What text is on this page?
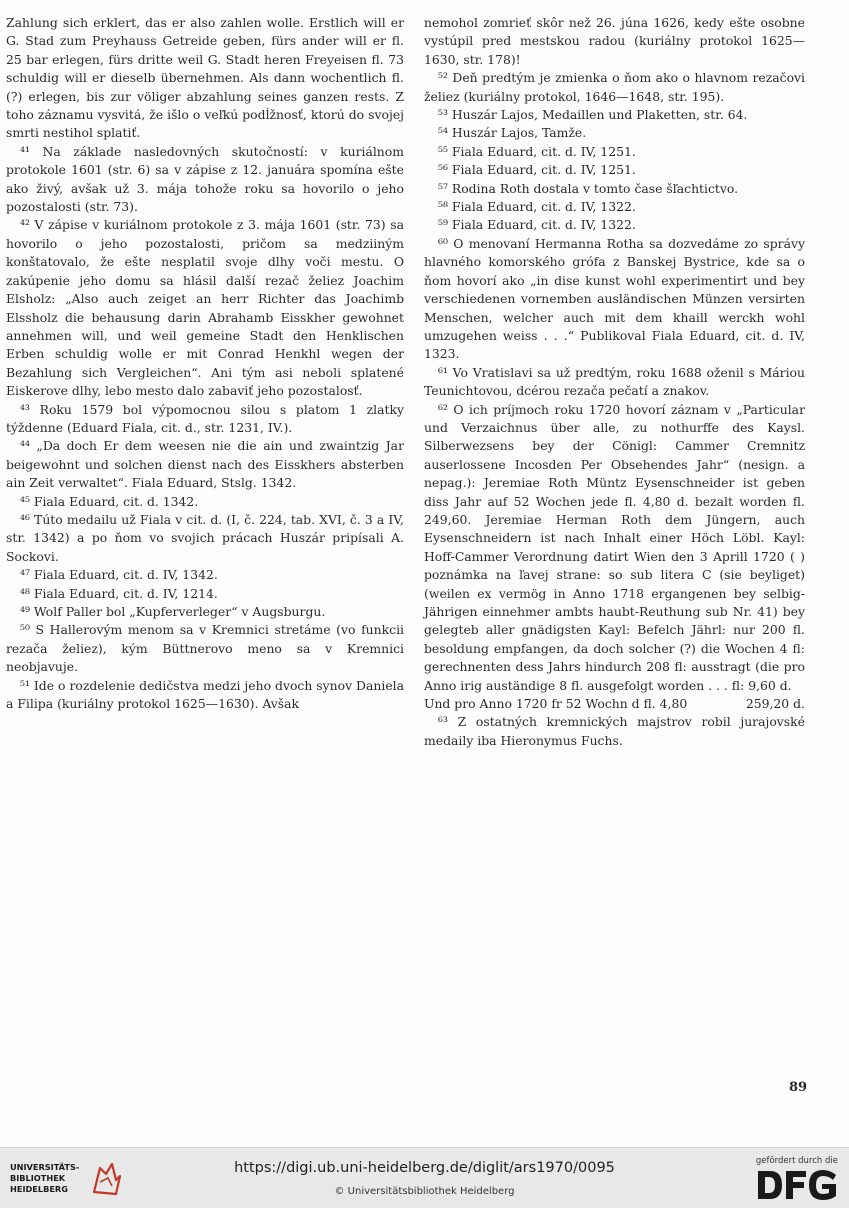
Zahlung sich erklert, das er also zahlen wolle. Erstlich will er G. Stad zum Preyhauss Getreide geben, fürs ander will er fl. 25 bar erlegen, fürs dritte weil G. Stadt heren Freyeisen fl. 73 schuldig will er dieselb übernehmen. Als dann wochentlich fl. (?) erlegen, bis zur völiger abzahlung seines ganzen rests. Z toho záznamu vysvitá, že išlo o veľkú podĺžnosť, ktorú do svojej smrti nestihol splatiť.

⁴¹ Na základe nasledovných skutočností: v kuriálnom protokole 1601 (str. 6) sa v zápise z 12. januára spomína ešte ako živý, avšak už 3. mája tohože roku sa hovorilo o jeho pozostalosti (str. 73).

⁴² V zápise v kuriálnom protokole z 3. mája 1601 (str. 73) sa hovorilo o jeho pozostalosti, pričom sa medziiným konštatovalo, že ešte nesplatil svoje dlhy voči mestu. O zakúpenie jeho domu sa hlásil další rezač želiez Joachim Elsholz: „Also auch zeiget an herr Richter das Joachimb Elssholz die behausung darin Abrahamb Eisskher gewohnet annehmen will, und weil gemeine Stadt den Henklischen Erben schuldig wolle er mit Conrad Henkhl wegen der Bezahlung sich Vergleichen“. Ani tým asi neboli splatené Eiskerove dlhy, lebo mesto dalo zabaviť jeho pozostalosť.

⁴³ Roku 1579 bol výpomocnou silou s platom 1 zlatky týždenne (Eduard Fiala, cit. d., str. 1231, IV.).

⁴⁴ „Da doch Er dem weesen nie die ain und zwaintzig Jar beigewohnt und solchen dienst nach des Eisskhers absterben ain Zeit verwaltet“. Fiala Eduard, Stslg. 1342.

⁴⁵ Fiala Eduard, cit. d. 1342.

⁴⁶ Túto medailu už Fiala v cit. d. (I, č. 224, tab. XVI, č. 3 a IV, str. 1342) a po ňom vo svojich prácach Huszár pripísali A. Sockovi.

⁴⁷ Fiala Eduard, cit. d. IV, 1342.

⁴⁸ Fiala Eduard, cit. d. IV, 1214.

⁴⁹ Wolf Paller bol „Kupferverleger“ v Augsburgu.

⁵⁰ S Hallerovým menom sa v Kremnici stretáme (vo funkcii rezača želiez), kým Büttnerovo meno sa v Kremnici neobjavuje.

⁵¹ Ide o rozdelenie dedičstva medzi jeho dvoch synov Daniela a Filipa (kuriálny protokol 1625—1630). Avšak

nemohol zomrieť skôr než 26. júna 1626, kedy ešte osobne vystúpil pred mestskou radou (kuriálny protokol 1625—1630, str. 178)!

⁵² Deň predtým je zmienka o ňom ako o hlavnom rezačovi želiez (kuriálny protokol, 1646—1648, str. 195).

⁵³ Huszár Lajos, Medaillen und Plaketten, str. 64.

⁵⁴ Huszár Lajos, Tamže.

⁵⁵ Fiala Eduard, cit. d. IV, 1251.

⁵⁶ Fiala Eduard, cit. d. IV, 1251.

⁵⁷ Rodina Roth dostala v tomto čase šľachtictvo.

⁵⁸ Fiala Eduard, cit. d. IV, 1322.

⁵⁹ Fiala Eduard, cit. d. IV, 1322.

⁶⁰ O menovaní Hermanna Rotha sa dozvedáme zo správy hlavného komorského grófa z Banskej Bystrice, kde sa o ňom hovorí ako „in dise kunst wohl experimentirt und bey verschiedenen vornemben ausländischen Münzen versirten Menschen, welcher auch mit dem khaill werckh wohl umzugehen weiss . . .“ Publikoval Fiala Eduard, cit. d. IV, 1323.

⁶¹ Vo Vratislavi sa už predtým, roku 1688 oženil s Máriou Teunichtovou, dcérou rezača pečatí a znakov.

⁶² O ich príjmoch roku 1720 hovorí záznam v „Particular und Verzaichnus über alle, zu nothurffe des Kaysl. Silberwezsens bey der Cönigl: Cammer Cremnitz auserlossene Incosden Per Obsehendes Jahr“ (nesign. a nepag.): Jeremiae Roth Müntz Eysenschneider ist geben diss Jahr auf 52 Wochen jede fl. 4,80 d. bezalt worden fl. 249,60. Jeremiae Herman Roth dem Jüngern, auch Eysenschneidern ist nach Inhalt einer Höch Löbl. Kayl: Hoff-Cammer Verordnung datirt Wien den 3 Aprill 1720 ( ) poznámka na ľavej strane: so sub litera C (sie beyliget) (weilen ex vermög in Anno 1718 ergangenen bey selbig-Jährigen einnehmer ambts haubt-Reuthung sub Nr. 41) bey gelegteb aller gnädigsten Kayl: Befelch Jährl: nur 200 fl. besoldung empfangen, da doch solcher (?) die Wochen 4 fl: gerechnenten dess Jahrs hindurch 208 fl: ausstragt (die pro Anno irig auständige 8 fl. ausgefolgt worden . . . fl: 9,60 d.

Und pro Anno 1720 fr 52 Wochn d fl. 4,80	259,20 d.

⁶³ Z ostatných kremnických majstrov robil jurajovské medaily iba Hieronymus Fuchs.

89
UNIVERSITÄTS-
BIBLIOTHEK
HEIDELBERG
https://digi.ub.uni-heidelberg.de/diglit/ars1970/0095
© Universitätsbibliothek Heidelberg
gefördert durch die
